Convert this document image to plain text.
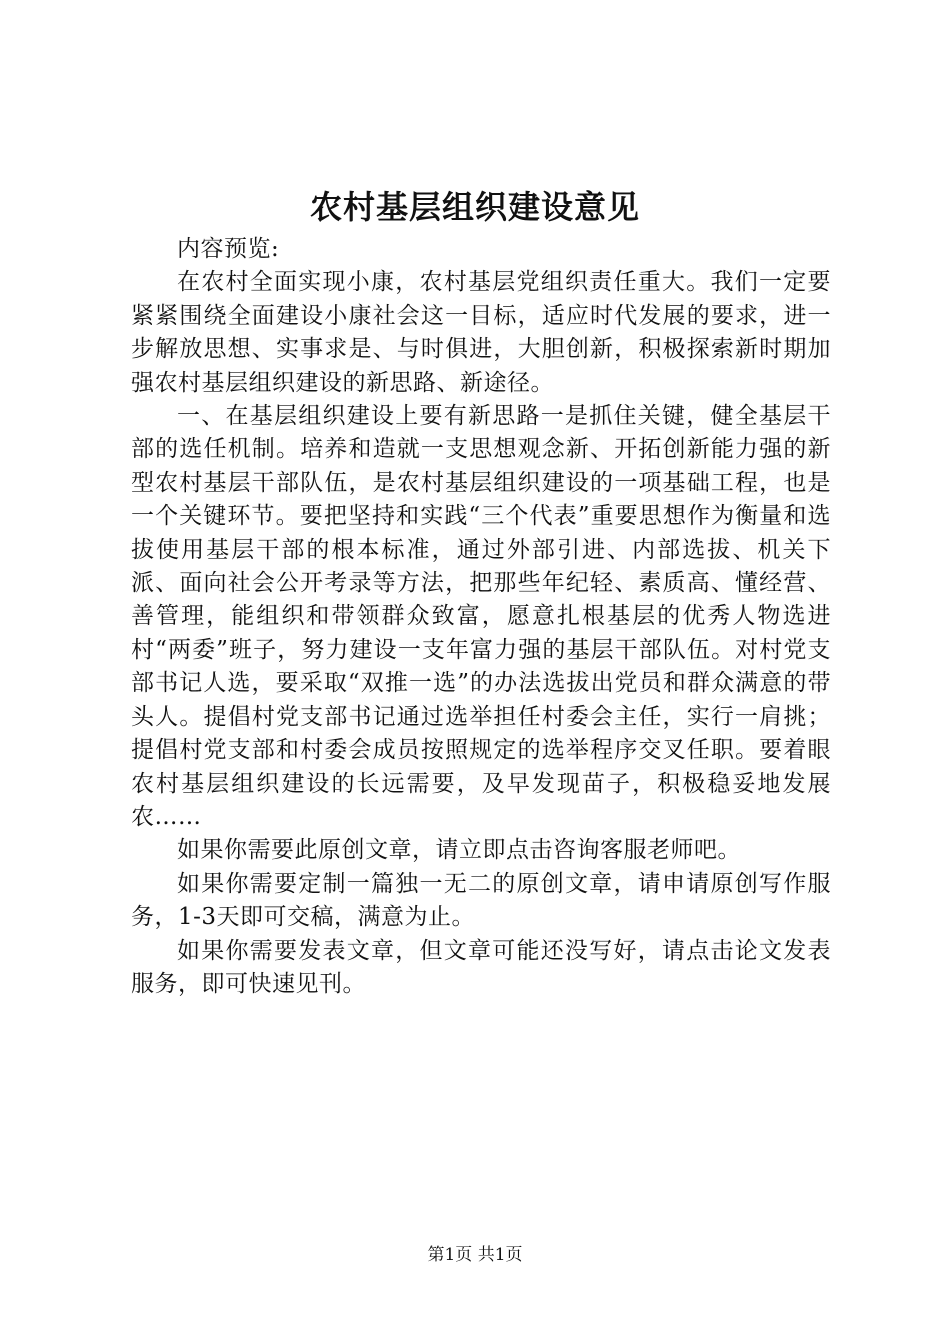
农村基层组织建设意见

内容预览:

在农村全面实现小康，农村基层党组织责任重大。我们一定要紧紧围绕全面建设小康社会这一目标，适应时代发展的要求，进一步解放思想、实事求是、与时俱进，大胆创新，积极探索新时期加强农村基层组织建设的新思路、新途径。

一、在基层组织建设上要有新思路一是抓住关键，健全基层干部的选任机制。培养和造就一支思想观念新、开拓创新能力强的新型农村基层干部队伍，是农村基层组织建设的一项基础工程，也是一个关键环节。要把坚持和实践“三个代表”重要思想作为衡量和选拔使用基层干部的根本标准，通过外部引进、内部选拔、机关下派、面向社会公开考录等方法，把那些年纪轻、素质高、懂经营、善管理，能组织和带领群众致富，愿意扎根基层的优秀人物选进村“两委”班子，努力建设一支年富力强的基层干部队伍。对村党支部书记人选，要采取“双推一选”的办法选拔出党员和群众满意的带头人。提倡村党支部书记通过选举担任村委会主任，实行一肩挑；提倡村党支部和村委会成员按照规定的选举程序交叉任职。要着眼农村基层组织建设的长远需要，及早发现苗子，积极稳妥地发展农……

如果你需要此原创文章，请立即点击咨询客服老师吧。

如果你需要定制一篇独一无二的原创文章，请申请原创写作服务，1-3天即可交稿，满意为止。

如果你需要发表文章，但文章可能还没写好，请点击论文发表服务，即可快速见刊。

第1页 共1页
